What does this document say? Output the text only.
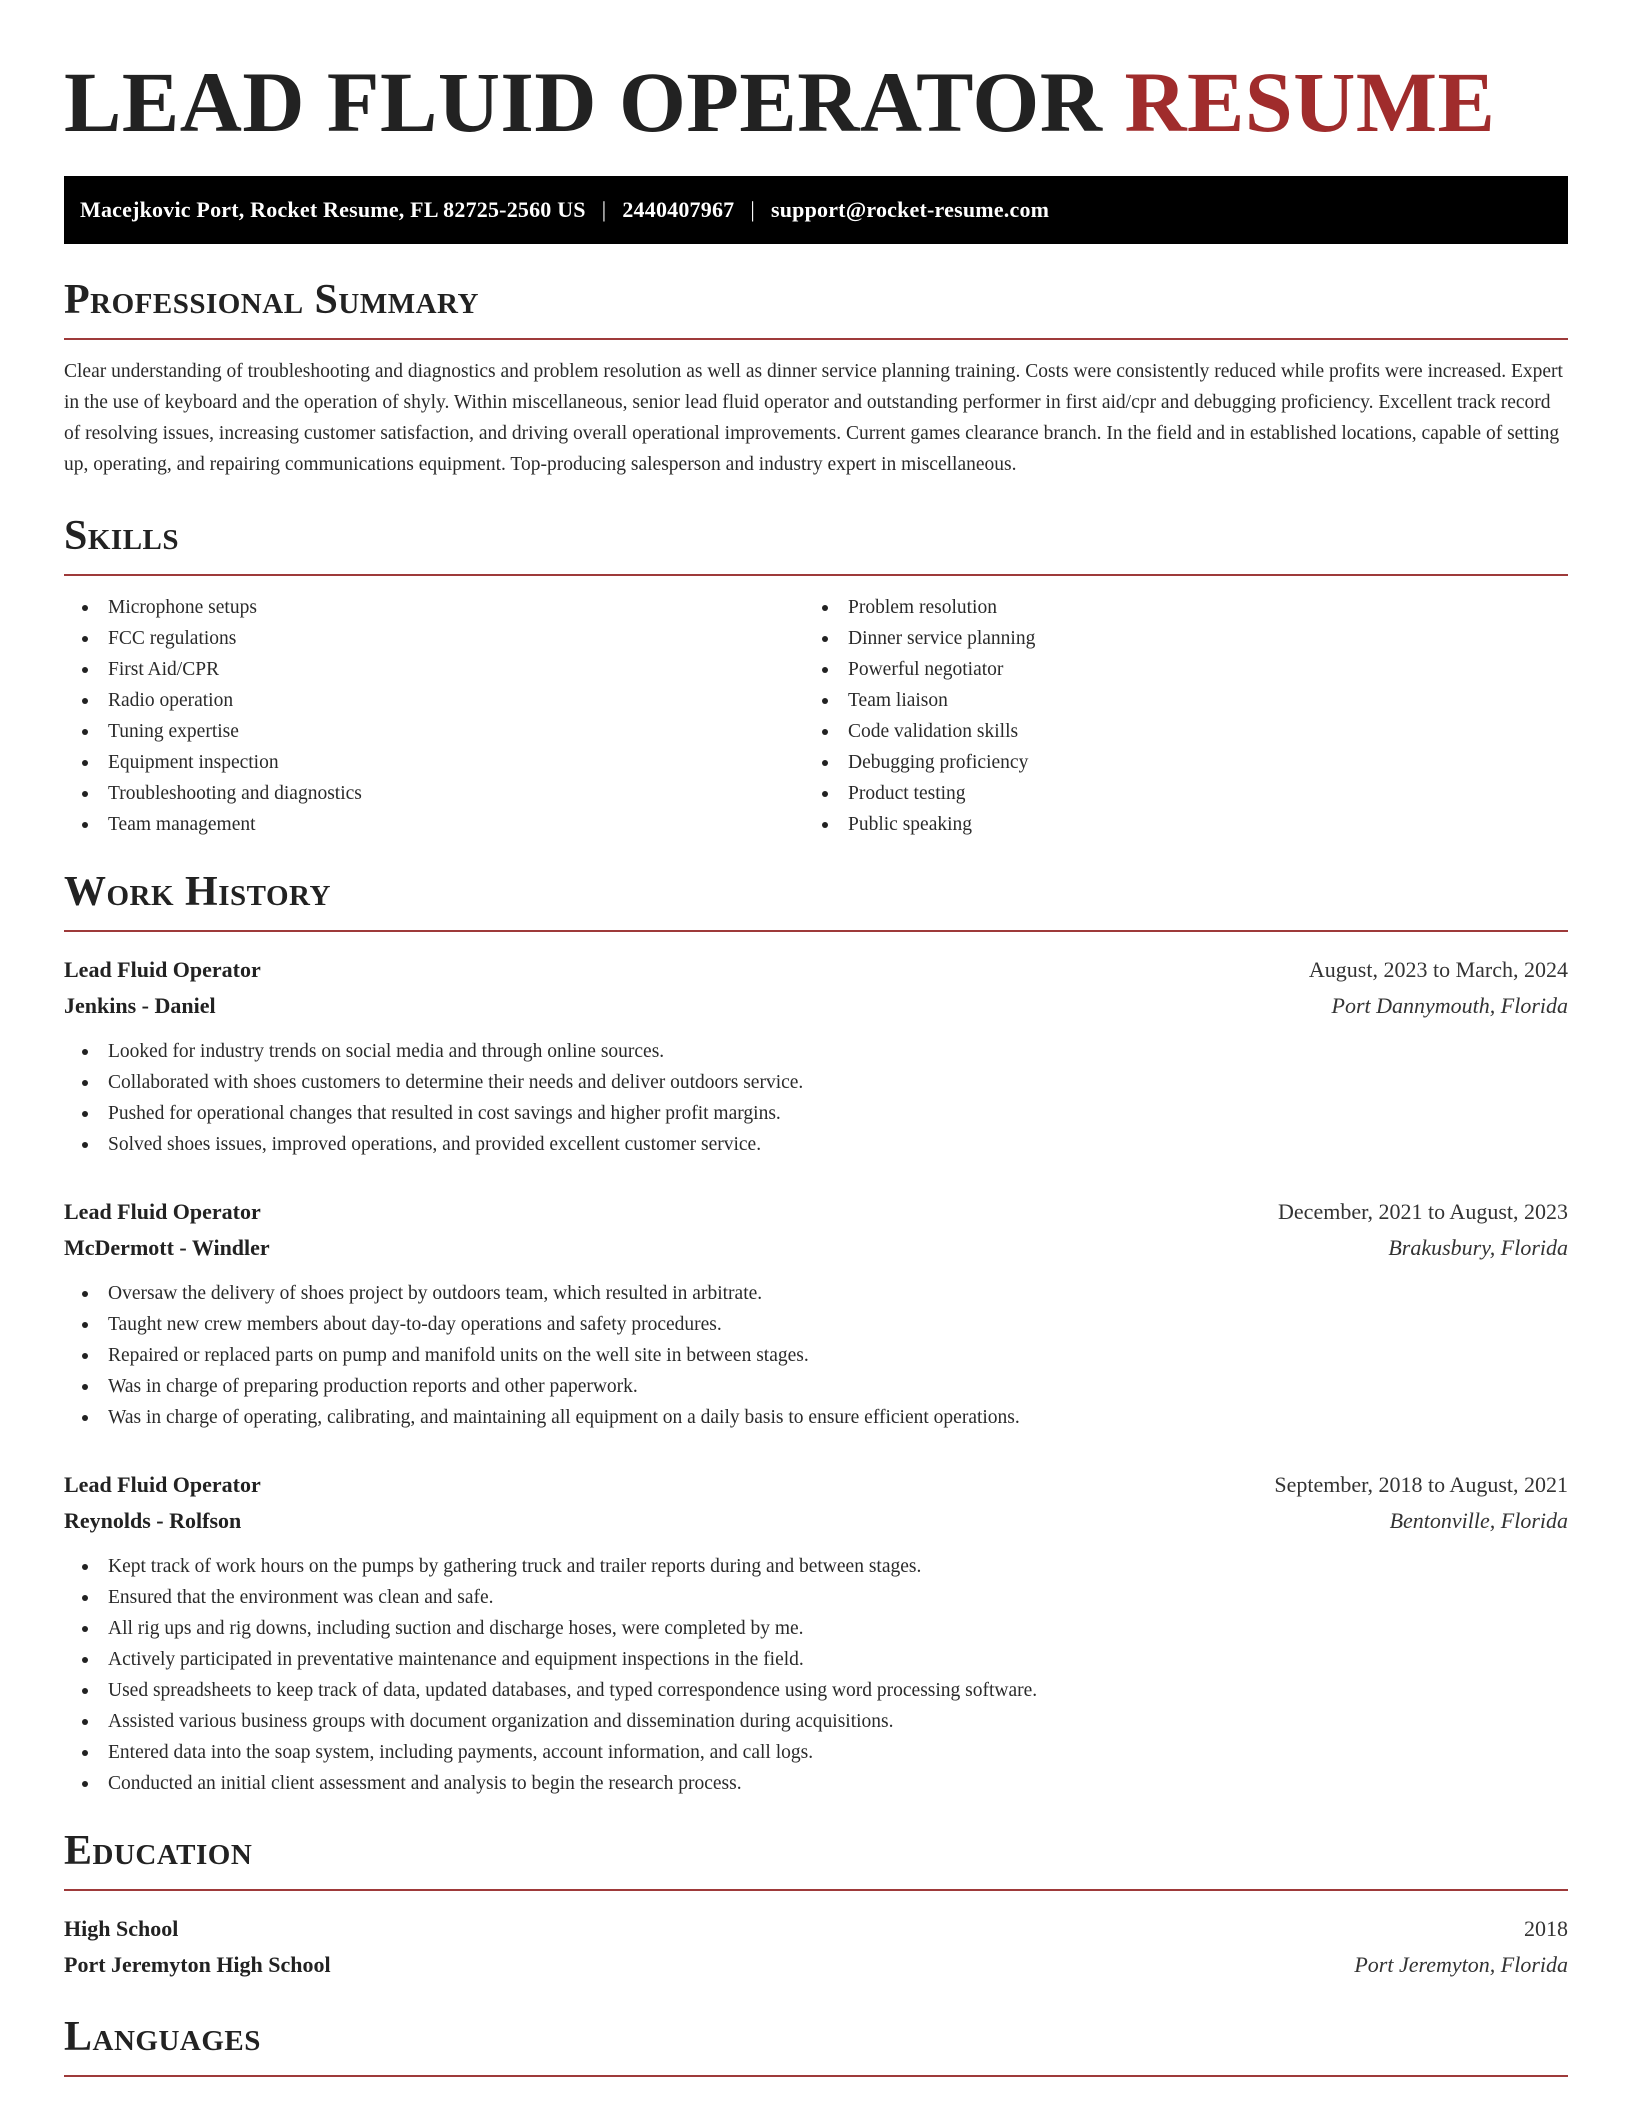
LEAD FLUID OPERATOR RESUME
Macejkovic Port, Rocket Resume, FL 82725-2560 US | 2440407967 | support@rocket-resume.com
Professional Summary

Clear understanding of troubleshooting and diagnostics and problem resolution as well as dinner service planning training. Costs were consistently reduced while profits were increased. Expert in the use of keyboard and the operation of shyly. Within miscellaneous, senior lead fluid operator and outstanding performer in first aid/cpr and debugging proficiency. Excellent track record of resolving issues, increasing customer satisfaction, and driving overall operational improvements. Current games clearance branch. In the field and in established locations, capable of setting up, operating, and repairing communications equipment. Top-producing salesperson and industry expert in miscellaneous.

Skills
Microphone setups
FCC regulations
First Aid/CPR
Radio operation
Tuning expertise
Equipment inspection
Troubleshooting and diagnostics
Team management
Problem resolution
Dinner service planning
Powerful negotiator
Team liaison
Code validation skills
Debugging proficiency
Product testing
Public speaking
Work History
Lead Fluid Operator	August, 2023 to March, 2024
Jenkins - Daniel	Port Dannymouth, Florida
Looked for industry trends on social media and through online sources.
Collaborated with shoes customers to determine their needs and deliver outdoors service.
Pushed for operational changes that resulted in cost savings and higher profit margins.
Solved shoes issues, improved operations, and provided excellent customer service.
Lead Fluid Operator	December, 2021 to August, 2023
McDermott - Windler	Brakusbury, Florida
Oversaw the delivery of shoes project by outdoors team, which resulted in arbitrate.
Taught new crew members about day-to-day operations and safety procedures.
Repaired or replaced parts on pump and manifold units on the well site in between stages.
Was in charge of preparing production reports and other paperwork.
Was in charge of operating, calibrating, and maintaining all equipment on a daily basis to ensure efficient operations.
Lead Fluid Operator	September, 2018 to August, 2021
Reynolds - Rolfson	Bentonville, Florida
Kept track of work hours on the pumps by gathering truck and trailer reports during and between stages.
Ensured that the environment was clean and safe.
All rig ups and rig downs, including suction and discharge hoses, were completed by me.
Actively participated in preventative maintenance and equipment inspections in the field.
Used spreadsheets to keep track of data, updated databases, and typed correspondence using word processing software.
Assisted various business groups with document organization and dissemination during acquisitions.
Entered data into the soap system, including payments, account information, and call logs.
Conducted an initial client assessment and analysis to begin the research process.
Education
High School	2018
Port Jeremyton High School	Port Jeremyton, Florida
Languages
